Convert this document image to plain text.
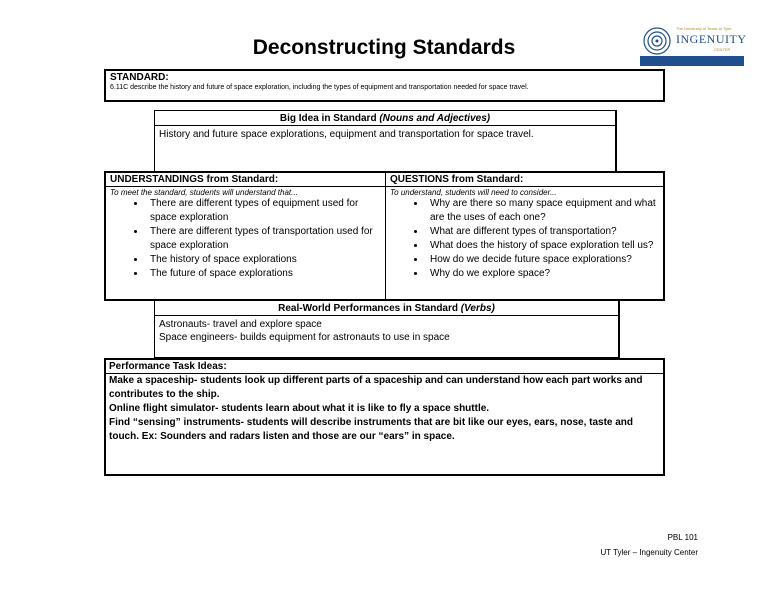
Deconstructing Standards
The University of Texas at Tyler
INGENUITY
CENTER
STANDARD:
6.11C describe the history and future of space exploration, including the types of equipment and transportation needed for space travel.
Big Idea in Standard (Nouns and Adjectives)
History and future space explorations, equipment and transportation for space travel.
UNDERSTANDINGS from Standard:
To meet the standard, students will understand that...
• There are different types of equipment used for space exploration
• There are different types of transportation used for space exploration
• The history of space explorations
• The future of space explorations
QUESTIONS from Standard:
To understand, students will need to consider...
• Why are there so many space equipment and what are the uses of each one?
• What are different types of transportation?
• What does the history of space exploration tell us?
• How do we decide future space explorations?
• Why do we explore space?
Real-World Performances in Standard (Verbs)
Astronauts- travel and explore space
Space engineers- builds equipment for astronauts to use in space
Performance Task Ideas:
Make a spaceship- students look up different parts of a spaceship and can understand how each part works and contributes to the ship.
Online flight simulator- students learn about what it is like to fly a space shuttle.
Find “sensing” instruments- students will describe instruments that are bit like our eyes, ears, nose, taste and touch. Ex: Sounders and radars listen and those are our “ears” in space.
PBL 101
UT Tyler – Ingenuity Center
